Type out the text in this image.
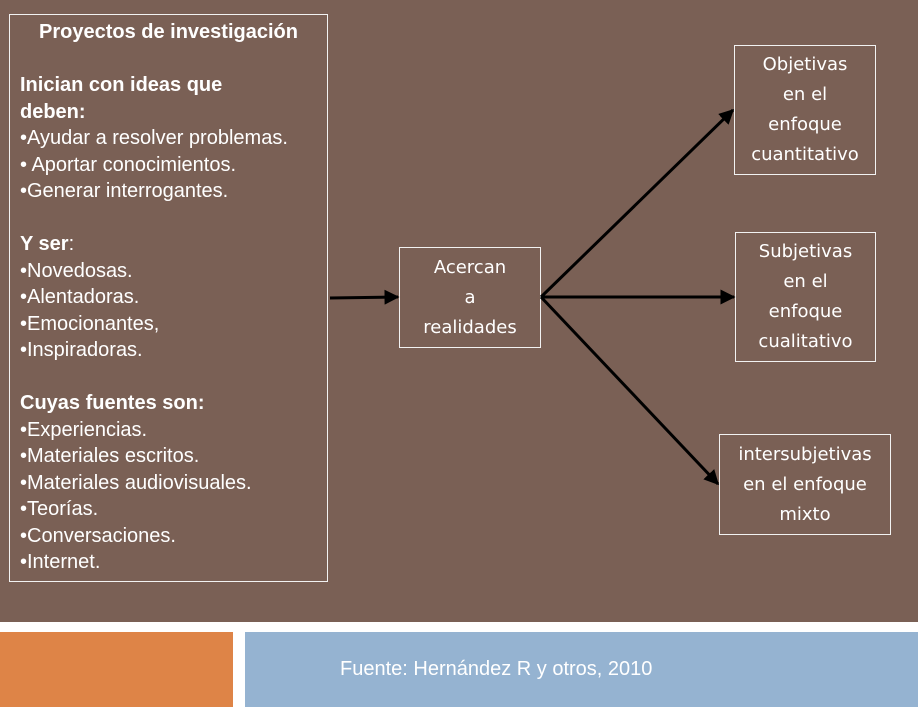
Proyectos de investigación
Inician con ideas que
deben:
•Ayudar a resolver problemas.
• Aportar conocimientos.
•Generar interrogantes.
Y ser:
•Novedosas.
•Alentadoras.
•Emocionantes,
•Inspiradoras.
Cuyas fuentes son:
•Experiencias.
•Materiales escritos.
•Materiales audiovisuales.
•Teorías.
•Conversaciones.
•Internet.
Acercan
a
realidades
Objetivas
en el
enfoque
cuantitativo
Subjetivas
en el
enfoque
cualitativo
intersubjetivas
en el enfoque
mixto
Fuente: Hernández R y otros, 2010
